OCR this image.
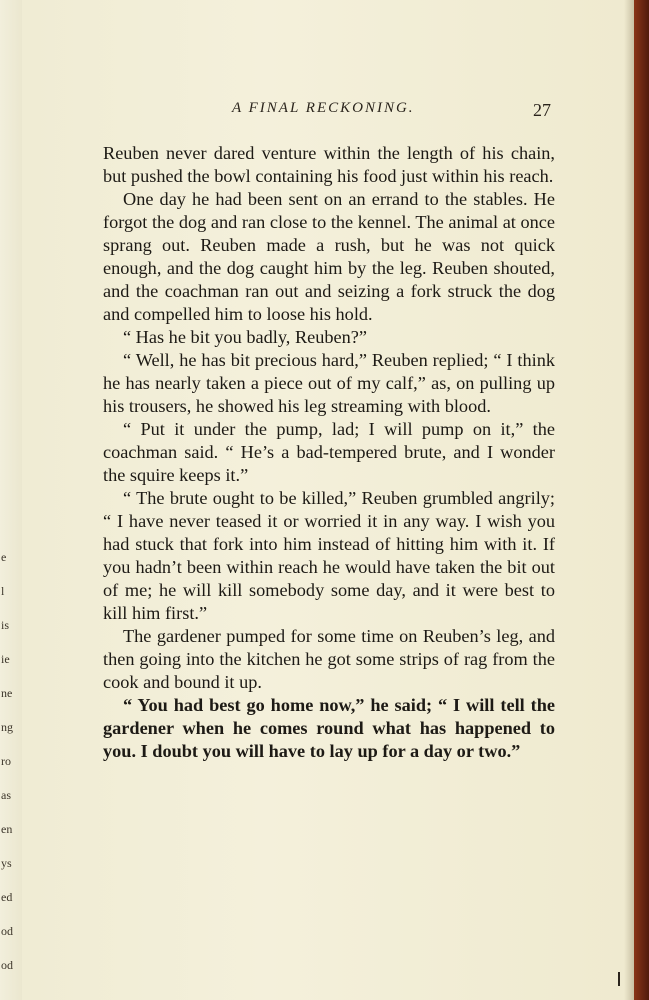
e
l
is
ie
ne
ng
ro
as
en
ys
ed
od
od
A FINAL RECKONING.	27

Reuben never dared venture within the length of his chain, but pushed the bowl containing his food just within his reach.

One day he had been sent on an errand to the stables. He forgot the dog and ran close to the kennel. The animal at once sprang out. Reuben made a rush, but he was not quick enough, and the dog caught him by the leg. Reuben shouted, and the coachman ran out and seizing a fork struck the dog and compelled him to loose his hold.

“ Has he bit you badly, Reuben?”

“ Well, he has bit precious hard,” Reuben replied; “ I think he has nearly taken a piece out of my calf,” as, on pulling up his trousers, he showed his leg streaming with blood.

“ Put it under the pump, lad; I will pump on it,” the coachman said. “ He’s a bad-tempered brute, and I wonder the squire keeps it.”

“ The brute ought to be killed,” Reuben grumbled angrily; “ I have never teased it or worried it in any way. I wish you had stuck that fork into him instead of hitting him with it. If you hadn’t been within reach he would have taken the bit out of me; he will kill somebody some day, and it were best to kill him first.”

The gardener pumped for some time on Reuben’s leg, and then going into the kitchen he got some strips of rag from the cook and bound it up.

“ You had best go home now,” he said; “ I will tell the gardener when he comes round what has happened to you. I doubt you will have to lay up for a day or two.”
